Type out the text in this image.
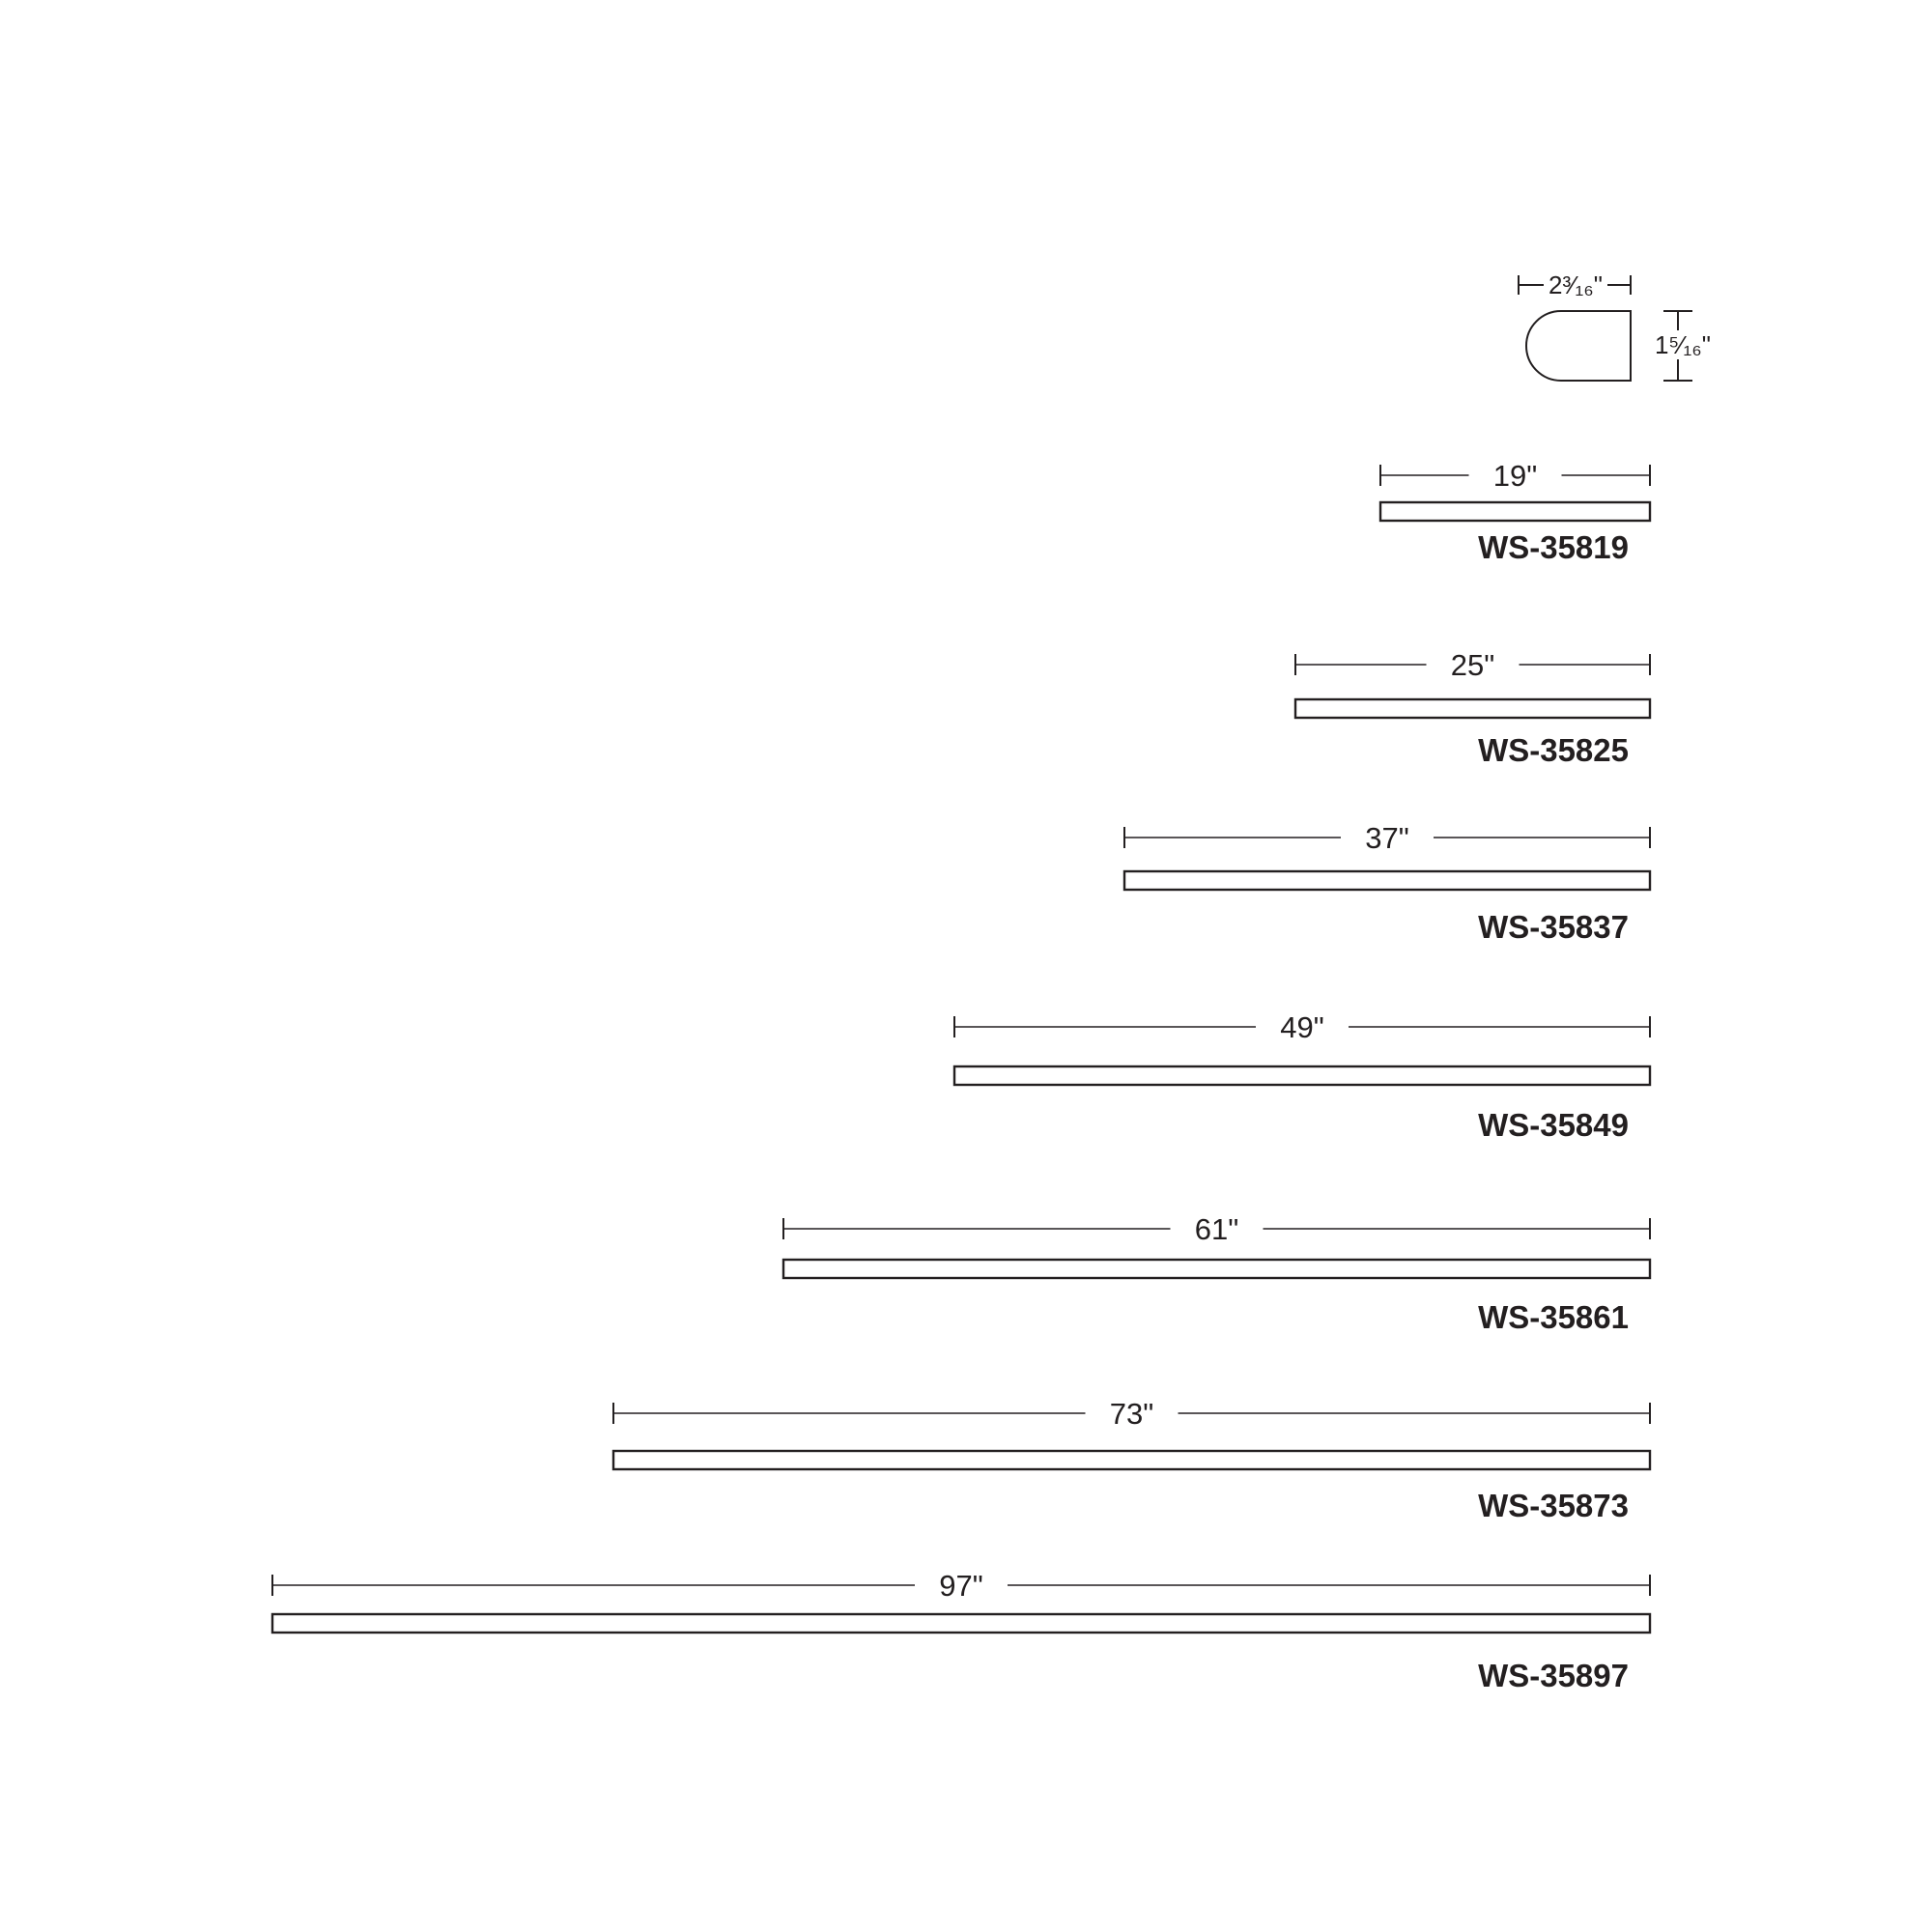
2³⁄₁₆"
1⁵⁄₁₆"
19"
WS-35819
25"
WS-35825
37"
WS-35837
49"
WS-35849
61"
WS-35861
73"
WS-35873
97"
WS-35897
